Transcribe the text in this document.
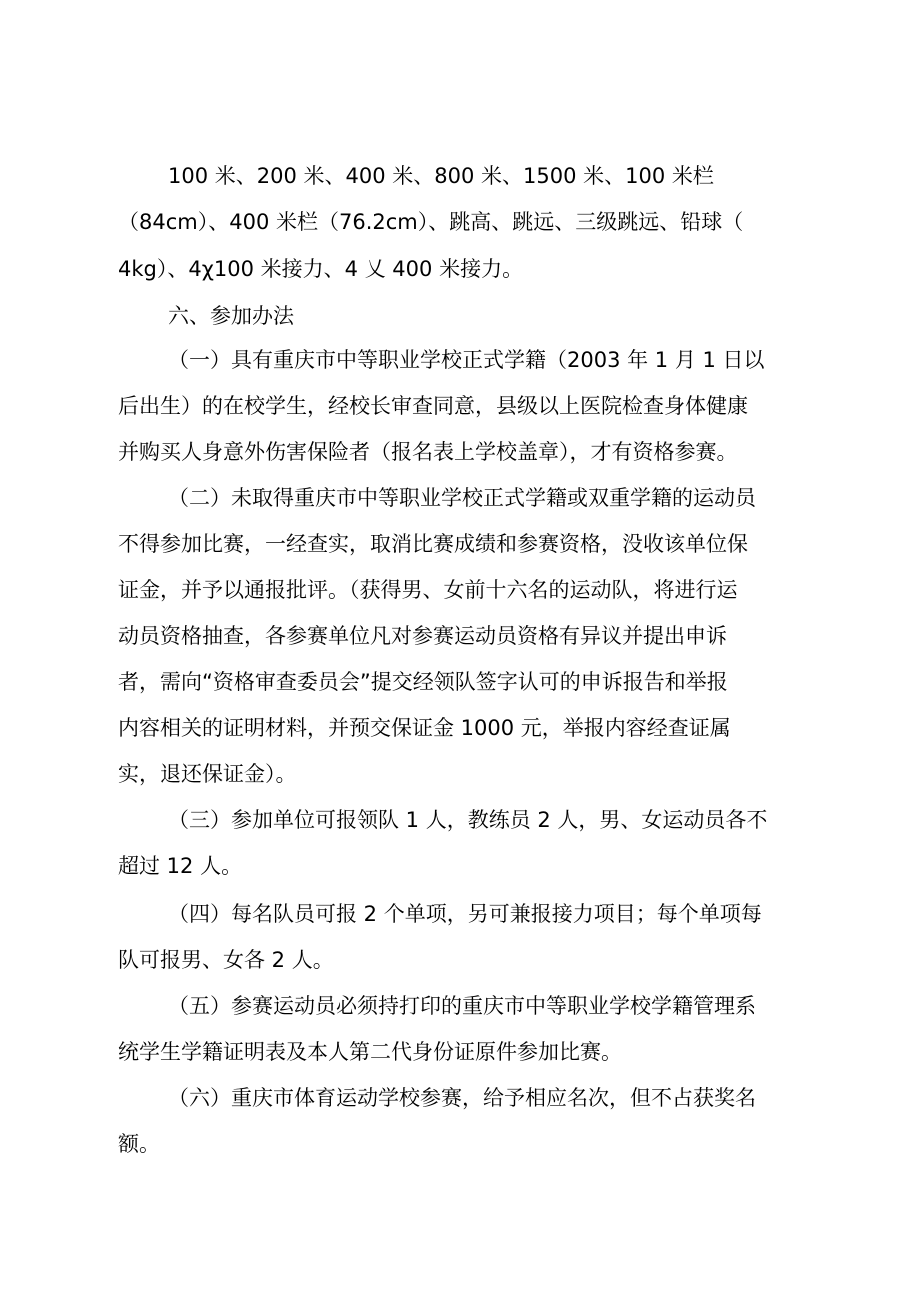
100 米、200 米、400 米、800 米、1500 米、100 米栏
（84cm）、400 米栏（76.2cm）、跳高、跳远、三级跳远、铅球（
4kg）、4χ100 米接力、4 乂 400 米接力。
六、参加办法
（一）具有重庆市中等职业学校正式学籍（2003 年 1 月 1 日以
后出生）的在校学生，经校长审查同意，县级以上医院检查身体健康
并购买人身意外伤害保险者（报名表上学校盖章），才有资格参赛。
（二）未取得重庆市中等职业学校正式学籍或双重学籍的运动员
不得参加比赛，一经查实，取消比赛成绩和参赛资格，没收该单位保
证金，并予以通报批评。（获得男、女前十六名的运动队，将进行运
动员资格抽查，各参赛单位凡对参赛运动员资格有异议并提出申诉
者，需向“资格审查委员会”提交经领队签字认可的申诉报告和举报
内容相关的证明材料，并预交保证金 1000 元，举报内容经查证属
实，退还保证金）。
（三）参加单位可报领队 1 人，教练员 2 人，男、女运动员各不
超过 12 人。
（四）每名队员可报 2 个单项，另可兼报接力项目；每个单项每
队可报男、女各 2 人。
（五）参赛运动员必须持打印的重庆市中等职业学校学籍管理系
统学生学籍证明表及本人第二代身份证原件参加比赛。
（六）重庆市体育运动学校参赛，给予相应名次，但不占获奖名
额。
